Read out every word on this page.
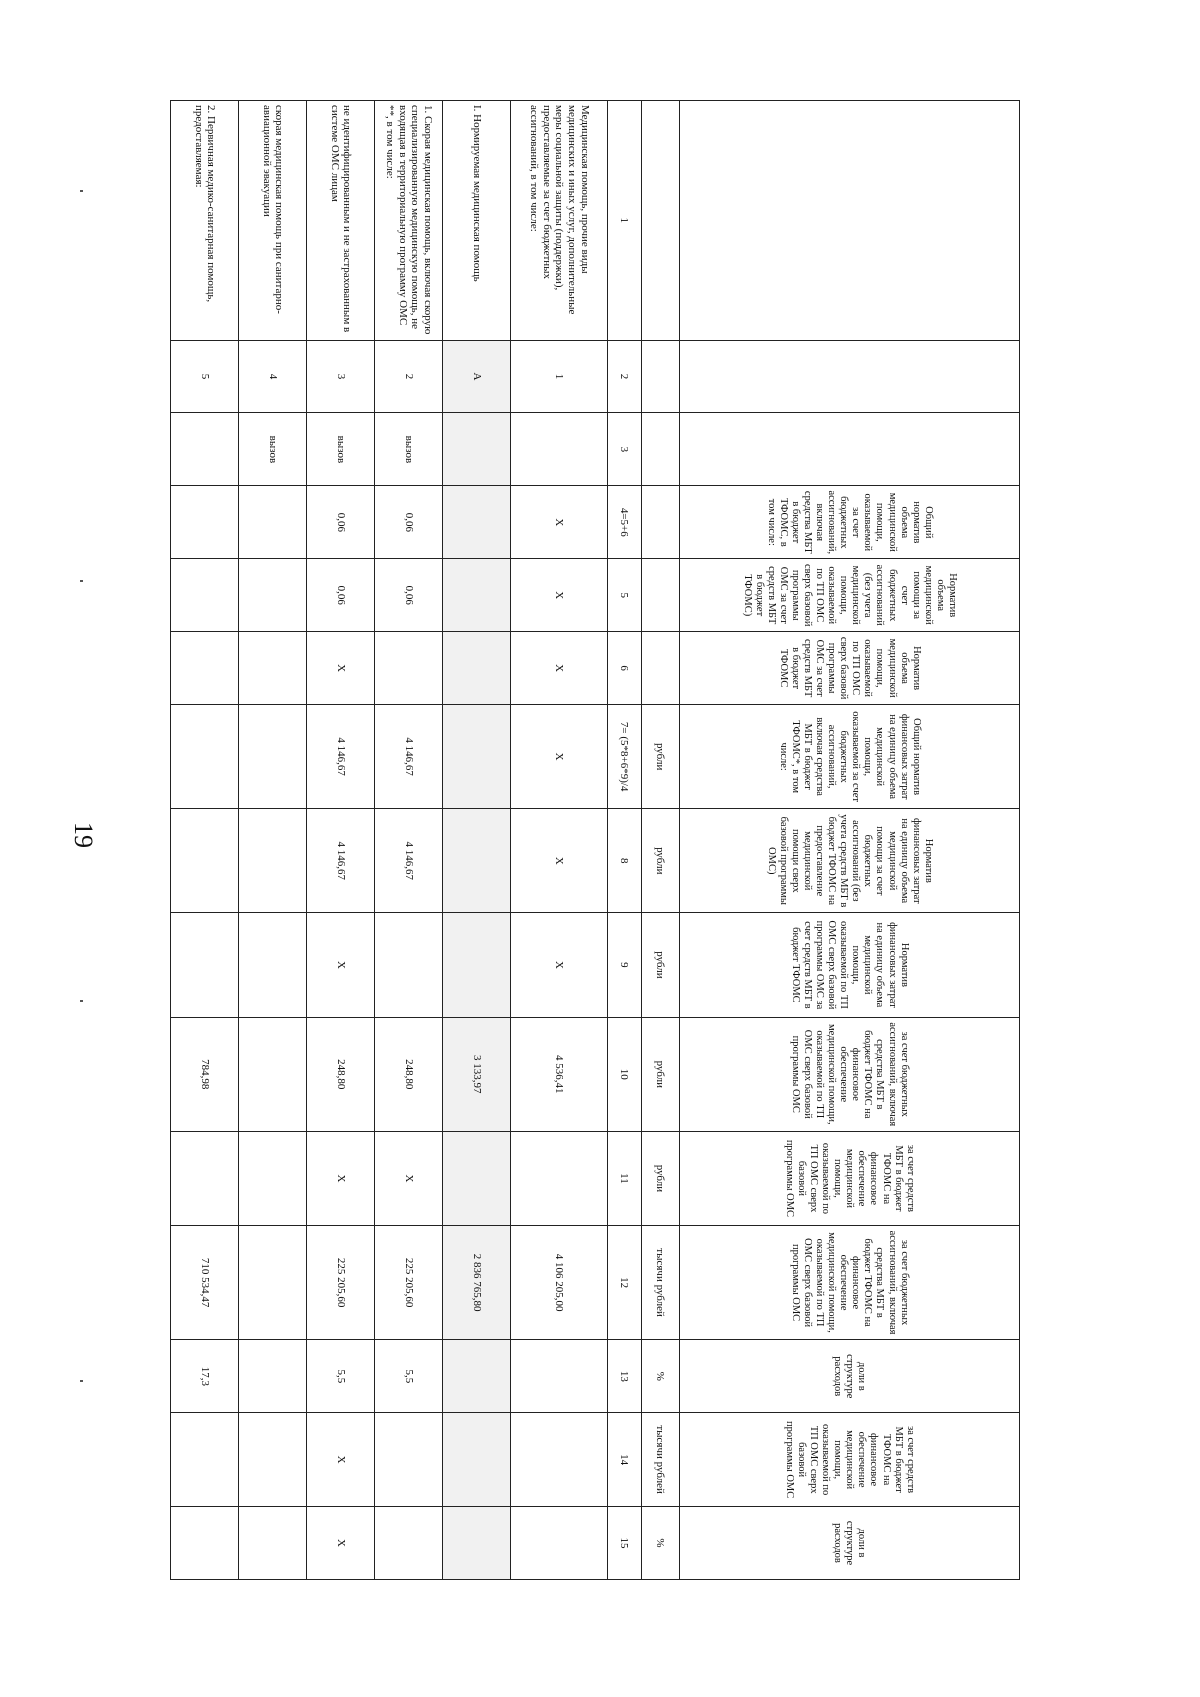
19
			Общий норматив объема медицинской помощи, оказываемой за счет бюджетных ассигнований, включая средства МБТ в бюджет ТФОМС, в том числе:	Норматив объема медицинской помощи за счет бюджетных ассигнований (без учета медицинской помощи, оказываемой по ТП ОМС сверх базовой программы ОМС за счет средств МБТ в бюджет ТФОМС)	Норматив объема медицинской помощи, оказываемой по ТП ОМС сверх базовой программы ОМС за счет средств МБТ в бюджет ТФОМС	Общий норматив финансовых затрат на единицу объема медицинской помощи, оказываемой за счет бюджетных ассигнований, включая средства МБТ в бюджет ТФОМС*, в том числе:	Норматив финансовых затрат на единицу объема медицинской помощи за счет бюджетных ассигнований (без учета средств МБТ в бюджет ТФОМС на предоставление медицинской помощи сверх базовой программы ОМС)	Норматив финансовых затрат на единицу объема медицинской помощи, оказываемой по ТП ОМС сверх базовой программы ОМС за счет средств МБТ в бюджет ТФОМС	за счет бюджетных ассигнований, включая средства МБТ в бюджет ТФОМС на финансовое обеспечение медицинской помощи, оказываемой по ТП ОМС сверх базовой программы ОМС	за счет средств МБТ в бюджет ТФОМС на финансовое обеспечение медицинской помощи, оказываемой по ТП ОМС сверх базовой программы ОМС	за счет бюджетных ассигнований, включая средства МБТ в бюджет ТФОМС на финансовое обеспечение медицинской помощи, оказываемой по ТП ОМС сверх базовой программы ОМС	доли в структуре расходов	за счет средств МБТ в бюджет ТФОМС на финансовое обеспечение медицинской помощи, оказываемой по ТП ОМС сверх базовой программы ОМС	доли в структуре расходов
						рубли	рубли	рубли	рубли	рубли	тысячи рублей	%	тысячи рублей	%
1	2	3	4=5+6	5	6	7= (5*8+6*9)/4	8	9	10	11	12	13	14	15
Медицинская помощь, прочие виды медицинских и иных услуг, дополнительные меры социальной защиты (поддержки), предоставляемые за счет бюджетных ассигнований, в том числе:	1		X	X	X	X	X	X	4 536,41		4 106 205,00			
I. Нормируемая медицинская помощь	А								3 133,97		2 836 765,80			
1. Скорая медицинская помощь, включая скорую специализированную медицинскую помощь, не входящая в территориальную программу ОМС **, в том числе:	2	вызов	0,06	0,06		4 146,67	4 146,67		248,80	X	225 205,60	5,5		
не идентифицированным и не застрахованным в системе ОМС лицам	3	вызов	0,06	0,06	X	4 146,67	4 146,67	X	248,80	X	225 205,60	5,5	X	X
скорая медицинская помощь при санитарно-авиационной эвакуации	4	вызов												
2. Первичная медико-санитарная помощь, предоставляемая:	5								784,98		710 534,47	17,3		
